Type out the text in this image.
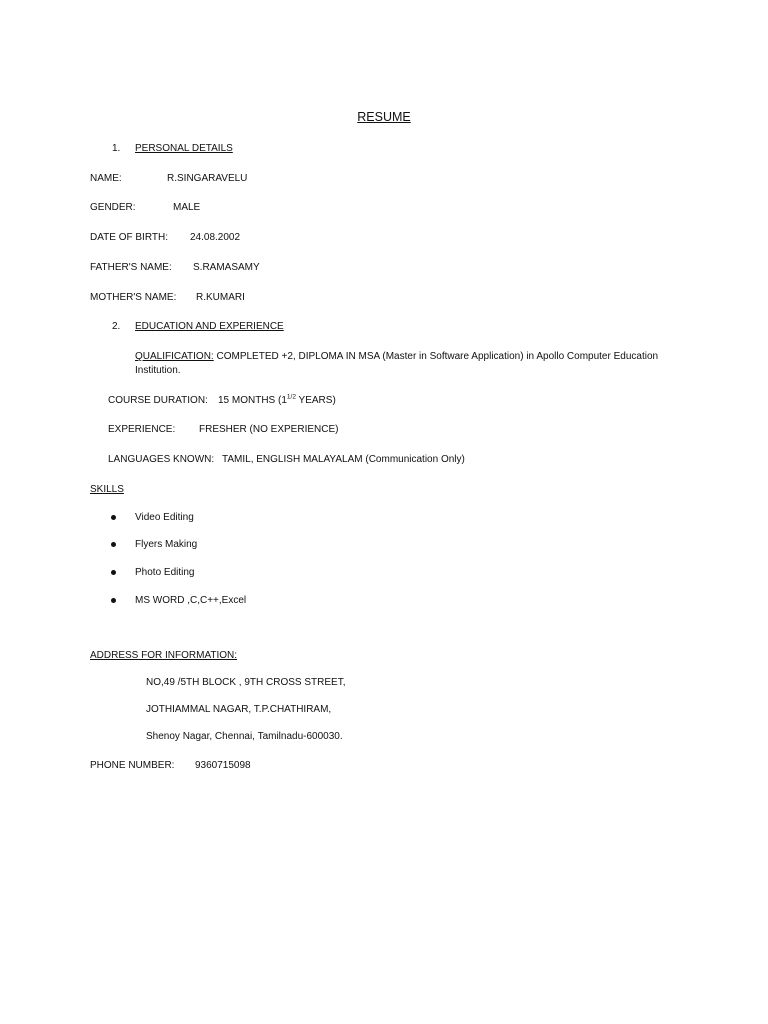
RESUME
1. PERSONAL DETAILS
NAME:	R.SINGARAVELU
GENDER:	MALE
DATE OF BIRTH: 24.08.2002
FATHER'S NAME: S.RAMASAMY
MOTHER'S NAME: R.KUMARI
2. EDUCATION AND EXPERIENCE
QUALIFICATION: COMPLETED +2, DIPLOMA IN MSA (Master in Software Application) in Apollo Computer Education Institution.
COURSE DURATION: 15 MONTHS ($1^{1/2}$ YEARS)
EXPERIENCE: FRESHER (NO EXPERIENCE)
LANGUAGES KNOWN: TAMIL, ENGLISH MALAYALAM (Communication Only)
SKILLS
Video Editing
Flyers Making
Photo Editing
MS WORD ,C,C++,Excel
ADDRESS FOR INFORMATION:
NO,49 /5TH BLOCK , 9TH CROSS STREET,
JOTHIAMMAL NAGAR, T.P.CHATHIRAM,
Shenoy Nagar, Chennai, Tamilnadu-600030.
PHONE NUMBER: 9360715098
